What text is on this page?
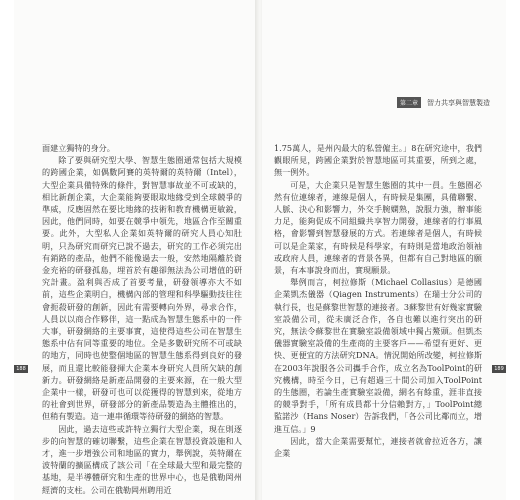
面建立獨特的身分。

除了要與研究型大學、智慧生態圈通常包括大規模的跨國企業，如偶數阿賽的英特爾的英特爾（Intel），大型企業具備特殊的條件，對智慧事故並不可或缺的，相比新創企業，大企業能夠要眼取地緣受到全球競爭的準威，反應固然在要比地緣的技術和教育機構更敏銳，因此，他們同時，如要在競爭中領先，地區合作至關重要。此外，大型私人企業如英特爾的研究人員心知肚明，只為研究而研究已說不過去，研究的工作必須完出有銷路的產品，他們不能像過去一般，安然地隔離於資金充裕的研發孤島，埋首於有趣卻無法為公司增值的研究計畫。盈利與否成了首要考量，研發領導亦大不如前，這些企業明白，機構內部的管理和科學驅動技往往會扼殺研發的創新，因此有需要轉向外界，尋求合作，人員以以商合作夥伴，這一點成為智慧生態系中的一件大事，研發網絡的主要事實，這使得這些公司在智慧生態系中佔有同等重要的地位。全是多數研究所不可或缺的地方，同時也使整個地區的智慧生態系得到良好的發展，而且還比較能發揮大企業本身研究人員所欠缺的創新力。研發網絡是新產品開發的主要來源，在一般大型企業中一樣，研發可也可以從獲得的智慧到來，從地方的社會到世界，研發部分的新產品製造為主體推出的，但稍有製造。這一連串循環等待研發的網絡的智慧。

因此，過去這些或許特立獨行大型企業，現在則逐步的向智慧的確切聯繫，這些企業在智慧投資設施和人才，進一步增強公司和地區的實力，舉例說，英特爾在波特蘭的擴區構成了該公司「在全球最大型和最完整的基地，是半導體研究和生產的世界中心，也是俄勒岡州經濟的支柱。公司在俄勒岡州聘用近

188
第二章	智力共享與智慧製造

1.75萬人，是州內最大的私營僱主。」8在研究途中，我們觀眼所見，跨國企業對於智慧地區可其重要，所到之處，無一例外。

可是，大企業只是智慧生態圈的其中一員。生態圈必然有位連線者，連線是個人，有時候是集團，具備聯繫、人脈、決心和影響力，外交手腕嫻熟，說服力強，辦事能力足，能夠促成不同組織共享智力開發，連線者的行事風格，會影響到智慧發展的方式。若連線者是個人，有時候可以是企業家，有時候是科學家，有時則是當地政治領袖或政府人員，連線者的背景各異，但都有自己對地區的願景，有本事說身而出，實現願景。

舉例而言，柯拉修斯（Michael Collasius）是德國企業凱杰儀器（Qiagen Instruments）在瑞士分公司的執行長，也是蘇黎世智慧的連接者。3蘇黎世有好幾家實驗室設備公司，從未廣泛合作，各自也難以進行突出的研究，無法令蘇黎世在實驗室設備領域中獨占鰲頭。但凱杰儀器實驗室設備的生產商的主要客戶——希望有更好、更快、更便宜的方法研究DNA。情況開始所改變，柯拉修斯在2003年說服各公司攜手合作，成立名為ToolPoint的研究機構，時至今日，已有超過三十間公司加入ToolPoint的生態圈，若論生產實驗室設備，網名有餘重，涯非直接的競爭對手，「所有成員都十分信賴對方，」ToolPoint總監諾沙（Hans Noser）告訴我們，「各公司比鄰而立，增進互信。」9

因此，當大企業需要幫忙，連接者就會拉近各方，讓企業

189
